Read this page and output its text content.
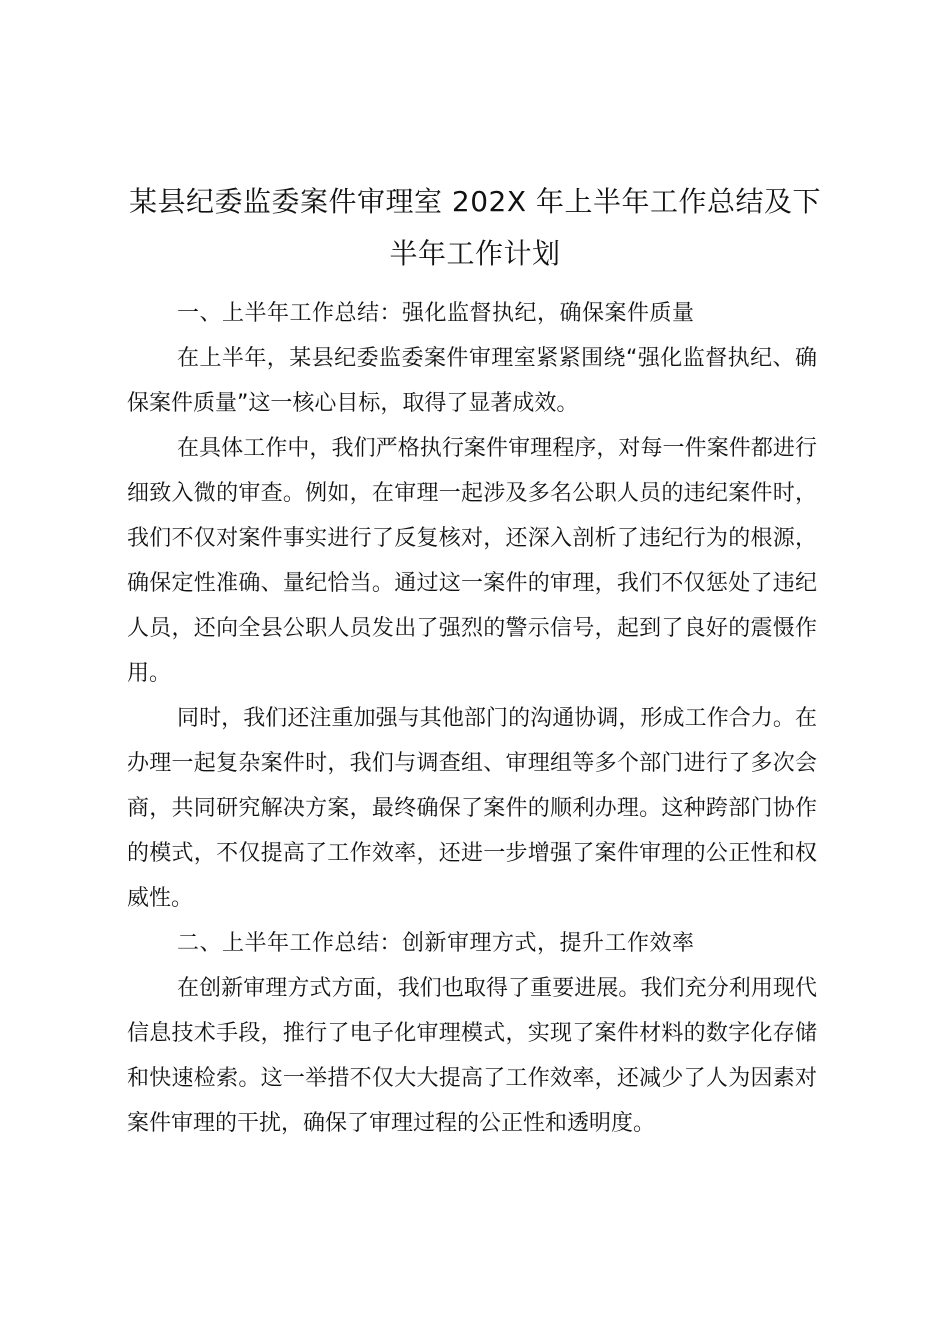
某县纪委监委案件审理室 202X 年上半年工作总结及下
半年工作计划

一、上半年工作总结：强化监督执纪，确保案件质量

在上半年，某县纪委监委案件审理室紧紧围绕“强化监督执纪、确保案件质量”这一核心目标，取得了显著成效。

在具体工作中，我们严格执行案件审理程序，对每一件案件都进行细致入微的审查。例如，在审理一起涉及多名公职人员的违纪案件时，我们不仅对案件事实进行了反复核对，还深入剖析了违纪行为的根源，确保定性准确、量纪恰当。通过这一案件的审理，我们不仅惩处了违纪人员，还向全县公职人员发出了强烈的警示信号，起到了良好的震慑作用。

同时，我们还注重加强与其他部门的沟通协调，形成工作合力。在办理一起复杂案件时，我们与调查组、审理组等多个部门进行了多次会商，共同研究解决方案，最终确保了案件的顺利办理。这种跨部门协作的模式，不仅提高了工作效率，还进一步增强了案件审理的公正性和权威性。

二、上半年工作总结：创新审理方式，提升工作效率

在创新审理方式方面，我们也取得了重要进展。我们充分利用现代信息技术手段，推行了电子化审理模式，实现了案件材料的数字化存储和快速检索。这一举措不仅大大提高了工作效率，还减少了人为因素对案件审理的干扰，确保了审理过程的公正性和透明度。
